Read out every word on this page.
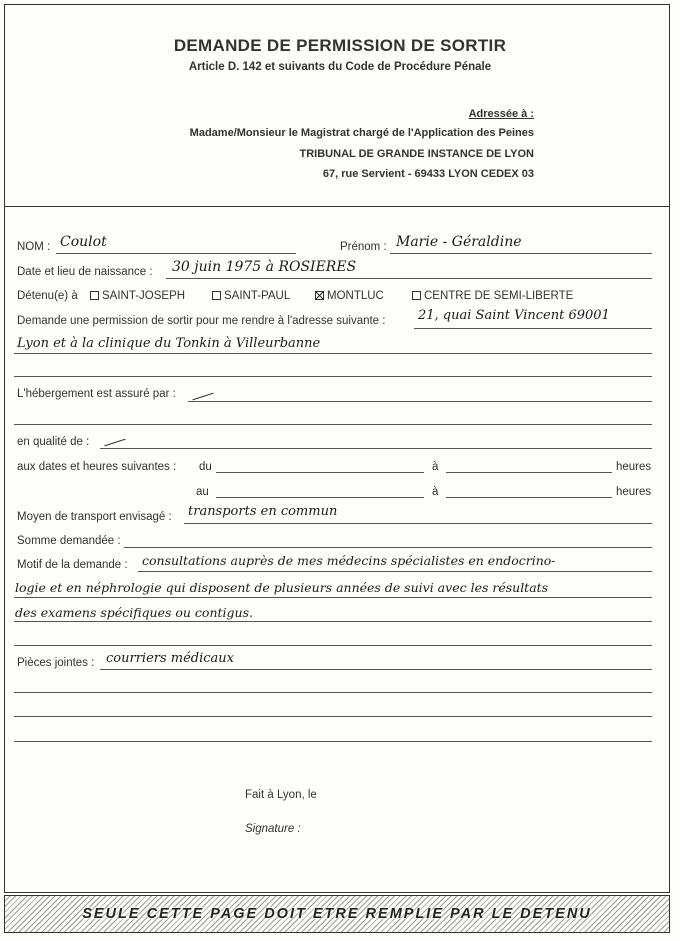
DEMANDE DE PERMISSION DE SORTIR
Article D. 142 et suivants du Code de Procédure Pénale
Adressée à :
Madame/Monsieur le Magistrat chargé de l'Application des Peines
TRIBUNAL DE GRANDE INSTANCE DE LYON
67, rue Servient - 69433 LYON CEDEX 03
NOM : Coulot	Prénom : Marie - Géraldine
Date et lieu de naissance : 30 juin 1975 à ROSIERES
Détenu(e) à	SAINT-JOSEPH	SAINT-PAUL	MONTLUC	CENTRE DE SEMI-LIBERTE
Demande une permission de sortir pour me rendre à l'adresse suivante :	21, quai Saint Vincent 69001
Lyon et à la clinique du Tonkin à Villeurbanne
L'hébergement est assuré par :
en qualité de :
aux dates et heures suivantes : du	à	heures
au	à	heures
Moyen de transport envisagé : transports en commun
Somme demandée :
Motif de la demande : consultations auprès de mes médecins spécialistes en endocrino-
logie et en néphrologie qui disposent de plusieurs années de suivi avec les résultats
des examens spécifiques ou contigus.
Pièces jointes : courriers médicaux
Fait à Lyon, le
Signature :
SEULE CETTE PAGE DOIT ETRE REMPLIE PAR LE DETENU
